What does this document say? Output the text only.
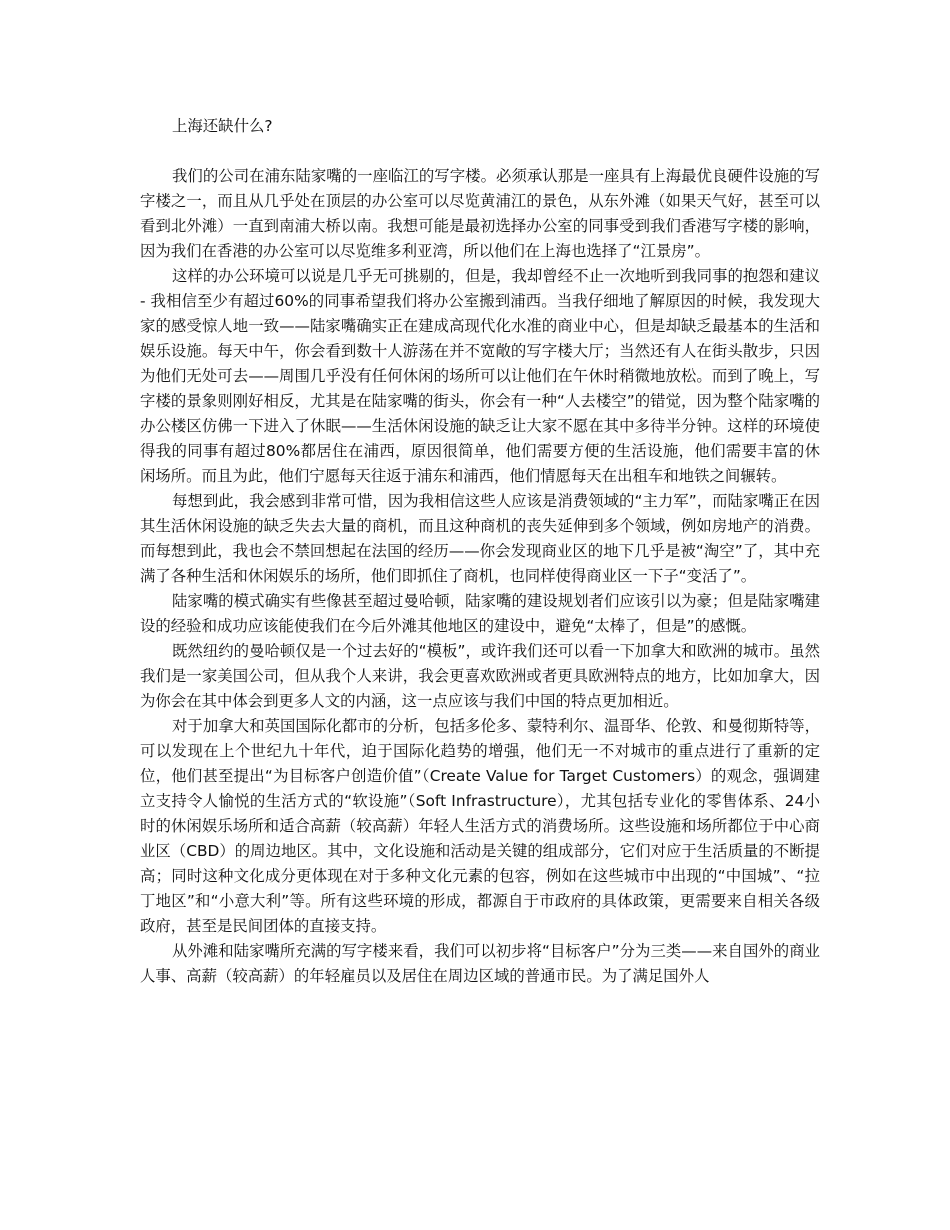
上海还缺什么?

我们的公司在浦东陆家嘴的一座临江的写字楼。必须承认那是一座具有上海最优良硬件设施的写字楼之一，而且从几乎处在顶层的办公室可以尽览黄浦江的景色，从东外滩（如果天气好，甚至可以看到北外滩）一直到南浦大桥以南。我想可能是最初选择办公室的同事受到我们香港写字楼的影响，因为我们在香港的办公室可以尽览维多利亚湾，所以他们在上海也选择了“江景房”。

这样的办公环境可以说是几乎无可挑剔的，但是，我却曾经不止一次地听到我同事的抱怨和建议 - 我相信至少有超过60%的同事希望我们将办公室搬到浦西。当我仔细地了解原因的时候，我发现大家的感受惊人地一致——陆家嘴确实正在建成高现代化水准的商业中心，但是却缺乏最基本的生活和娱乐设施。每天中午，你会看到数十人游荡在并不宽敞的写字楼大厅；当然还有人在街头散步，只因为他们无处可去——周围几乎没有任何休闲的场所可以让他们在午休时稍微地放松。而到了晚上，写字楼的景象则刚好相反，尤其是在陆家嘴的街头，你会有一种“人去楼空”的错觉，因为整个陆家嘴的办公楼区仿佛一下进入了休眠——生活休闲设施的缺乏让大家不愿在其中多待半分钟。这样的环境使得我的同事有超过80%都居住在浦西，原因很简单，他们需要方便的生活设施，他们需要丰富的休闲场所。而且为此，他们宁愿每天往返于浦东和浦西，他们情愿每天在出租车和地铁之间辗转。

每想到此，我会感到非常可惜，因为我相信这些人应该是消费领域的“主力军”，而陆家嘴正在因其生活休闲设施的缺乏失去大量的商机，而且这种商机的丧失延伸到多个领域，例如房地产的消费。而每想到此，我也会不禁回想起在法国的经历——你会发现商业区的地下几乎是被“淘空”了，其中充满了各种生活和休闲娱乐的场所，他们即抓住了商机，也同样使得商业区一下子“变活了”。

陆家嘴的模式确实有些像甚至超过曼哈顿，陆家嘴的建设规划者们应该引以为豪；但是陆家嘴建设的经验和成功应该能使我们在今后外滩其他地区的建设中，避免“太棒了，但是”的感慨。

既然纽约的曼哈顿仅是一个过去好的“模板”，或许我们还可以看一下加拿大和欧洲的城市。虽然我们是一家美国公司，但从我个人来讲，我会更喜欢欧洲或者更具欧洲特点的地方，比如加拿大，因为你会在其中体会到更多人文的内涵，这一点应该与我们中国的特点更加相近。

对于加拿大和英国国际化都市的分析，包括多伦多、蒙特利尔、温哥华、伦敦、和曼彻斯特等，可以发现在上个世纪九十年代，迫于国际化趋势的增强，他们无一不对城市的重点进行了重新的定位，他们甚至提出“为目标客户创造价值”（Create Value for Target Customers）的观念，强调建立支持令人愉悦的生活方式的“软设施”（Soft Infrastructure），尤其包括专业化的零售体系、24小时的休闲娱乐场所和适合高薪（较高薪）年轻人生活方式的消费场所。这些设施和场所都位于中心商业区（CBD）的周边地区。其中，文化设施和活动是关键的组成部分，它们对应于生活质量的不断提高；同时这种文化成分更体现在对于多种文化元素的包容，例如在这些城市中出现的“中国城”、“拉丁地区”和“小意大利”等。所有这些环境的形成，都源自于市政府的具体政策，更需要来自相关各级政府，甚至是民间团体的直接支持。

从外滩和陆家嘴所充满的写字楼来看，我们可以初步将“目标客户”分为三类——来自国外的商业人事、高薪（较高薪）的年轻雇员以及居住在周边区域的普通市民。为了满足国外人
